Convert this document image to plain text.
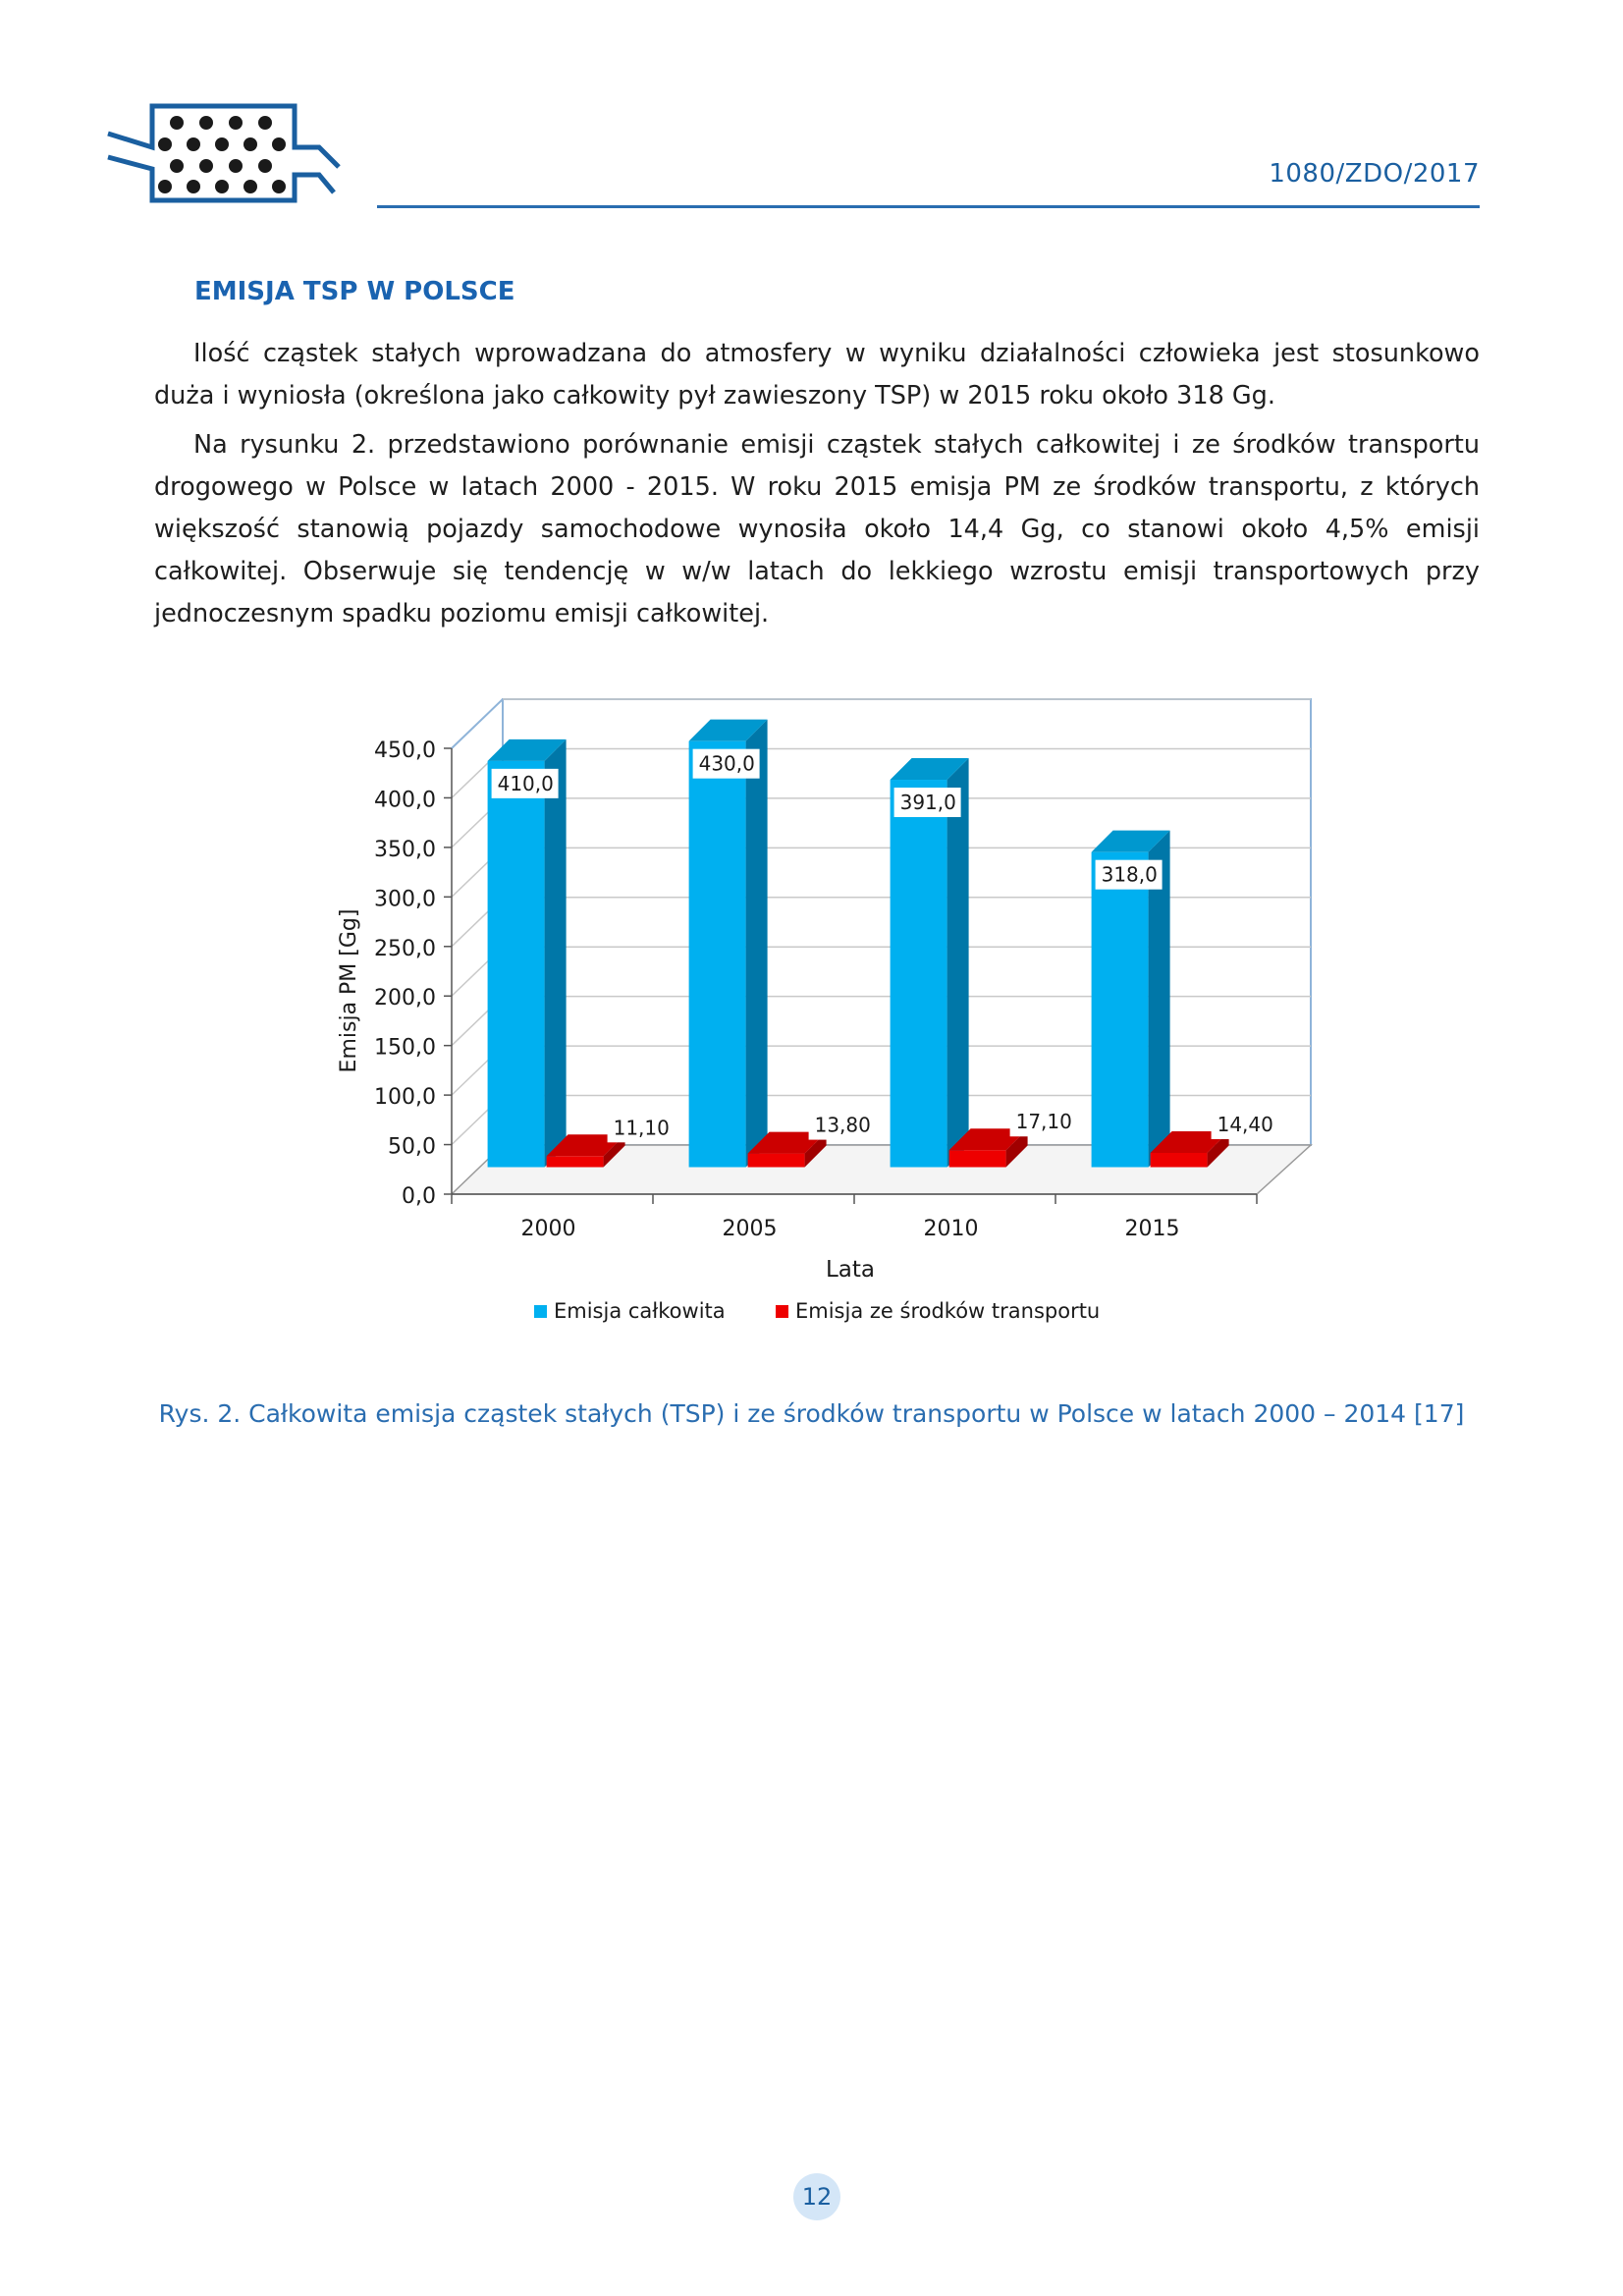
1080/ZDO/2017
EMISJA TSP W POLSCE
Ilość cząstek stałych wprowadzana do atmosfery w wyniku działalności człowieka jest stosunkowo duża i wyniosła (określona jako całkowity pył zawieszony TSP) w 2015 roku około 318 Gg.
Na rysunku 2. przedstawiono porównanie emisji cząstek stałych całkowitej i ze środków transportu drogowego w Polsce w latach 2000 - 2015. W roku 2015 emisja PM ze środków transportu, z których większość stanowią pojazdy samochodowe wynosiła około 14,4 Gg, co stanowi około 4,5% emisji całkowitej. Obserwuje się tendencję w w/w latach do lekkiego wzrostu emisji transportowych przy jednoczesnym spadku poziomu emisji całkowitej.
0,0
50,0
100,0
150,0
200,0
250,0
300,0
350,0
400,0
450,0
2000
410,0
11,10
2005
430,0
13,80
2010
391,0
17,10
2015
318,0
14,40
Emisja PM [Gg]
Lata
Emisja całkowita	Emisja ze środków transportu
Rys. 2. Całkowita emisja cząstek stałych (TSP) i ze środków transportu w Polsce w latach 2000 – 2014 [17]
12
